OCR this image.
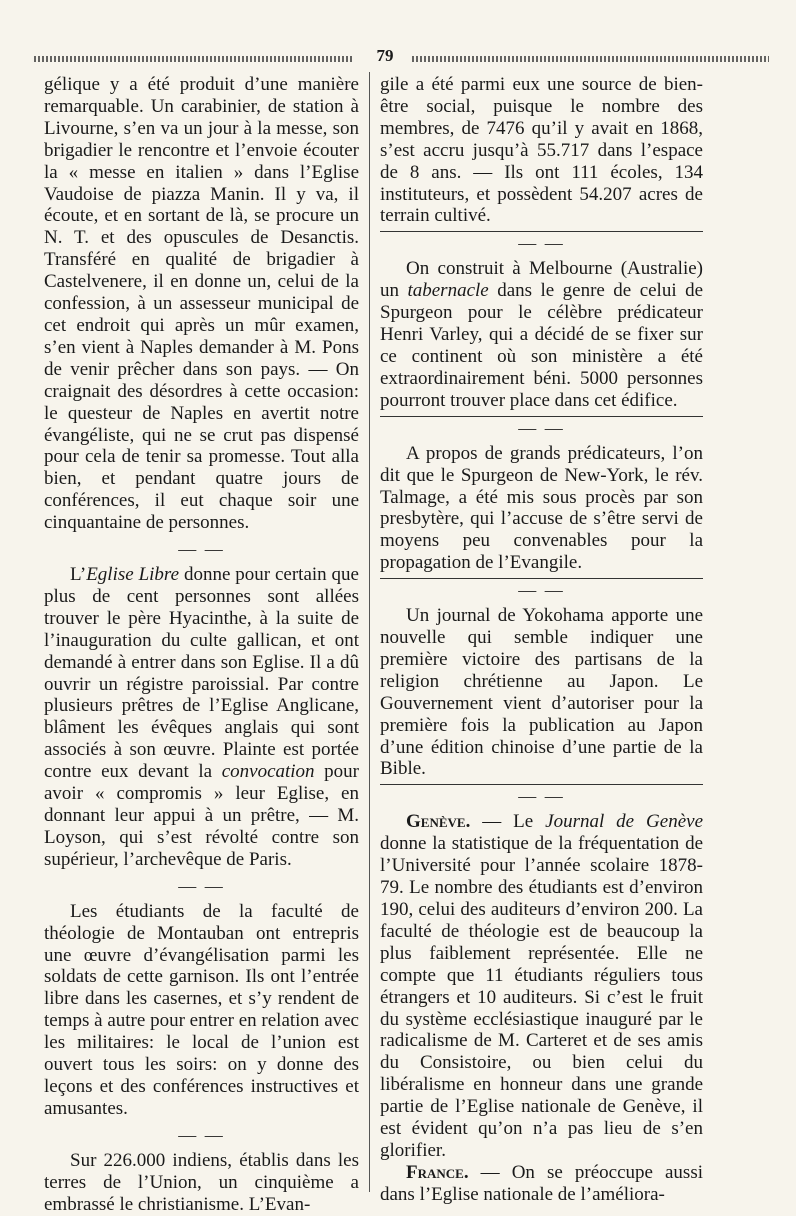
79

gélique y a été produit d’une manière remarquable. Un carabinier, de station à Livourne, s’en va un jour à la messe, son brigadier le rencontre et l’envoie écouter la « messe en italien » dans l’Eglise Vaudoise de piazza Manin. Il y va, il écoute, et en sortant de là, se procure un N. T. et des opuscules de Desanctis. Transféré en qualité de brigadier à Castelvenere, il en donne un, celui de la confession, à un assesseur municipal de cet endroit qui après un mûr examen, s’en vient à Naples demander à M. Pons de venir prêcher dans son pays. — On craignait des désordres à cette occasion: le questeur de Naples en avertit notre évangéliste, qui ne se crut pas dispensé pour cela de tenir sa promesse. Tout alla bien, et pendant quatre jours de conférences, il eut chaque soir une cinquantaine de personnes.

— —

L’Eglise Libre donne pour certain que plus de cent personnes sont allées trouver le père Hyacinthe, à la suite de l’inauguration du culte gallican, et ont demandé à entrer dans son Eglise. Il a dû ouvrir un régistre paroissial. Par contre plusieurs prêtres de l’Eglise Anglicane, blâment les évêques anglais qui sont associés à son œuvre. Plainte est portée contre eux devant la convocation pour avoir « compromis » leur Eglise, en donnant leur appui à un prêtre, — M. Loyson, qui s’est révolté contre son supérieur, l’archevêque de Paris.

— —

Les étudiants de la faculté de théologie de Montauban ont entrepris une œuvre d’évangélisation parmi les soldats de cette garnison. Ils ont l’entrée libre dans les casernes, et s’y rendent de temps à autre pour entrer en relation avec les militaires: le local de l’union est ouvert tous les soirs: on y donne des leçons et des conférences instructives et amusantes.

— —

Sur 226.000 indiens, établis dans les terres de l’Union, un cinquième a embrassé le christianisme. L’Evan-

gile a été parmi eux une source de bien-être social, puisque le nombre des membres, de 7476 qu’il y avait en 1868, s’est accru jusqu’à 55.717 dans l’espace de 8 ans. — Ils ont 111 écoles, 134 instituteurs, et possèdent 54.207 acres de terrain cultivé.

— —

On construit à Melbourne (Australie) un tabernacle dans le genre de celui de Spurgeon pour le célèbre prédicateur Henri Varley, qui a décidé de se fixer sur ce continent où son ministère a été extraordinairement béni. 5000 personnes pourront trouver place dans cet édifice.

— —

A propos de grands prédicateurs, l’on dit que le Spurgeon de New-York, le rév. Talmage, a été mis sous procès par son presbytère, qui l’accuse de s’être servi de moyens peu convenables pour la propagation de l’Evangile.

— —

Un journal de Yokohama apporte une nouvelle qui semble indiquer une première victoire des partisans de la religion chrétienne au Japon. Le Gouvernement vient d’autoriser pour la première fois la publication au Japon d’une édition chinoise d’une partie de la Bible.

— —

Genève. — Le Journal de Genève donne la statistique de la fréquentation de l’Université pour l’année scolaire 1878-79. Le nombre des étudiants est d’environ 190, celui des auditeurs d’environ 200. La faculté de théologie est de beaucoup la plus faiblement représentée. Elle ne compte que 11 étudiants réguliers tous étrangers et 10 auditeurs. Si c’est le fruit du système ecclésiastique inauguré par le radicalisme de M. Carteret et de ses amis du Consistoire, ou bien celui du libéralisme en honneur dans une grande partie de l’Eglise nationale de Genève, il est évident qu’on n’a pas lieu de s’en glorifier.

France. — On se préoccupe aussi dans l’Eglise nationale de l’améliora-
